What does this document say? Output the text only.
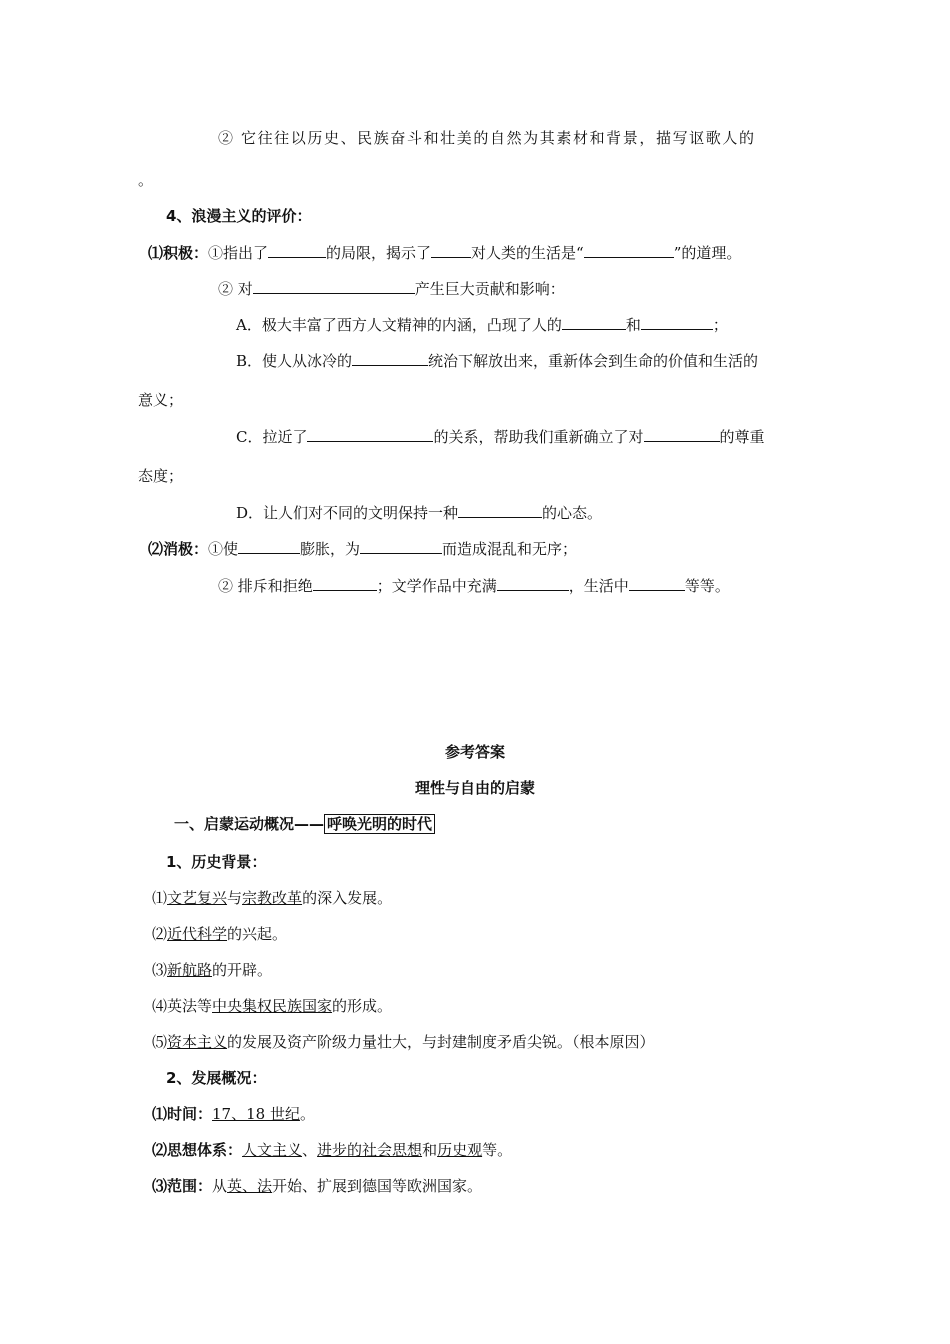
② 它往往以历史、民族奋斗和壮美的自然为其素材和背景，描写讴歌人的
。
4、浪漫主义的评价：
⑴积极：①指出了	的局限，揭示了	对人类的生活是“	”的道理。
② 对	产生巨大贡献和影响：
A．极大丰富了西方人文精神的内涵，凸现了人的	和	；
B．使人从冰冷的	统治下解放出来，重新体会到生命的价值和生活的
意义；
C．拉近了	的关系，帮助我们重新确立了对	的尊重
态度；
D．让人们对不同的文明保持一种	的心态。
⑵消极：①使	膨胀，为	而造成混乱和无序；
② 排斥和拒绝	；文学作品中充满	，生活中	等等。
参考答案
理性与自由的启蒙
一、启蒙运动概况—— 呼唤光明的时代
1、历史背景：
⑴文艺复兴与宗教改革的深入发展。
⑵近代科学的兴起。
⑶新航路的开辟。
⑷英法等中央集权民族国家的形成。
⑸资本主义的发展及资产阶级力量壮大，与封建制度矛盾尖锐。（根本原因）
2、发展概况：
⑴时间：17、18 世纪。
⑵思想体系：人文主义、进步的社会思想和历史观等。
⑶范围：从英、法开始、扩展到德国等欧洲国家。
